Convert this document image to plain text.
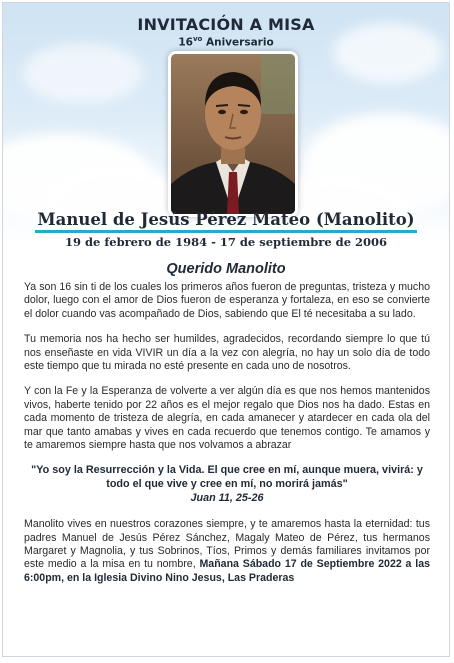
INVITACIÓN A MISA
$16^{vo}$ Aniversario
Manuel de Jesús Pérez Mateo (Manolito)
19 de febrero de 1984 - 17 de septiembre de 2006
Querido Manolito

Ya son 16 sin ti de los cuales los primeros años fueron de preguntas, tristeza y mucho dolor, luego con el amor de Dios fueron de esperanza y fortaleza, en eso se convierte el dolor cuando vas acompañado de Dios, sabiendo que El té necesitaba a su lado.

Tu memoria nos ha hecho ser humildes, agradecidos, recordando siempre lo que tú nos enseñaste en vida VIVIR un día a la vez con alegría, no hay un solo día de todo este tiempo que tu mirada no esté presente en cada uno de nosotros.

Y con la Fe y la Esperanza de volverte a ver algún día es que nos hemos mantenidos vivos, haberte tenido por 22 años es el mejor regalo que Dios nos ha dado. Estas en cada momento de tristeza de alegría, en cada amanecer y atardecer en cada ola del mar que tanto amabas y vives en cada recuerdo que tenemos contigo. Te amamos y te amaremos siempre hasta que nos volvamos a abrazar

"Yo soy la Resurrección y la Vida. El que cree en mí, aunque muera, vivirá: y todo el que vive y cree en mí, no morirá jamás"
Juan 11, 25-26

Manolito vives en nuestros corazones siempre, y te amaremos hasta la eternidad: tus padres Manuel de Jesús Pérez Sánchez, Magaly Mateo de Pérez, tus hermanos Margaret y Magnolia, y tus Sobrinos, Tíos, Primos y demás familiares invitamos por este medio a la misa en tu nombre, Mañana Sábado 17 de Septiembre 2022 a las 6:00pm, en la Iglesia Divino Nino Jesus, Las Praderas
